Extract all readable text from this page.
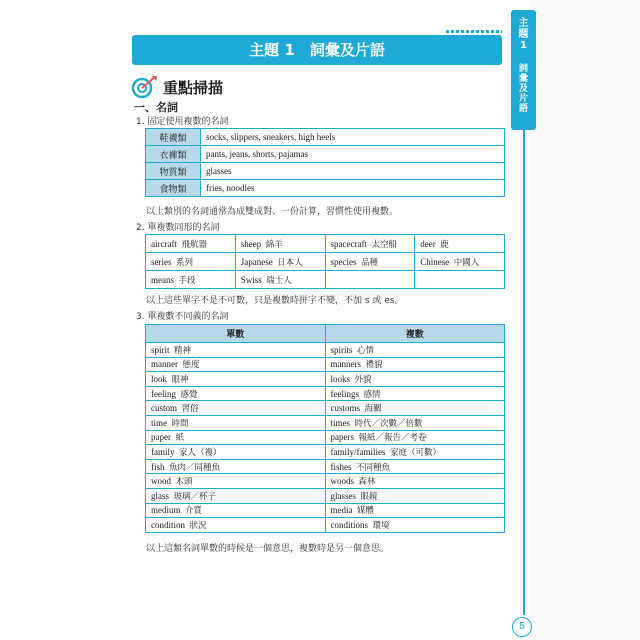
主
題
1
詞
彙
及
片
語
主題 1　詞彙及片語
重點掃描
一、名詞
1. 固定使用複數的名詞
鞋襪類	socks, slippers, sneakers, high heels
衣褲類	pants, jeans, shorts, pajamas
物質類	glasses
食物類	fries, noodles
以上類別的名詞通常為成雙成對、一份計算，習慣性使用複數。
2. 單複數同形的名詞
aircraft 飛航器	sheep 綿羊	spacecraft 太空船	deer 鹿
series 系列	Japanese 日本人	species 品種	Chinese 中國人
means 手段	Swiss 瑞士人		
以上這些單字不是不可數，只是複數時拼字不變，不加 s 或 es。
3. 單複數不同義的名詞
單數	複數
spirit 精神	spirits 心情
manner 態度	manners 禮貌
look 眼神	looks 外貌
feeling 感覺	feelings 感情
custom 習俗	customs 海關
time 時間	times 時代／次數／倍數
paper 紙	papers 報紙／報告／考卷
family 家人（複）	family/families 家庭（可數）
fish 魚肉／同種魚	fishes 不同種魚
wood 木頭	woods 森林
glass 玻璃／杯子	glasses 眼鏡
medium 介質	media 媒體
condition 狀況	conditions 環境
以上這類名詞單數的時候是一個意思，複數時是另一個意思。
5
